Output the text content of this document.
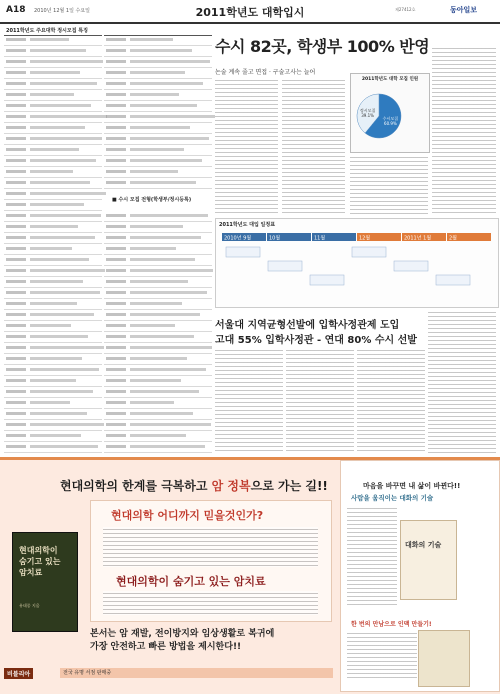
A18 2010년 12월 1일 수요일	2011학년도 대학입시	제27412호	동아일보
2011학년도 주요대학 정시모집 특징
■ 수시 모집 전형(학생부/정시등록)
수시 82곳, 학생부 100% 반영
논술 계속 줄고 면접 · 구술고사는 늘어
2011학년도 대학 모집 인원
수시모집
60.9%
정시모집
39.1%
2011학년도 대입 일정표
2010년 9월	10월	11월	12월	2011년 1월	2월
서울대 지역균형선발에 입학사정관제 도입
고대 55% 입학사정관 - 연대 80% 수시 선발
현대의학의 한계를 극복하고 암 정복으로 가는 길!!
현대의학이
숨기고 있는
암치료
유태종 지음
현대의학 어디까지 믿을것인가?
현대의학이 숨기고 있는 암치료
본서는 암 재발, 전이방지와 임상생활로 복귀에
가장 안전하고 빠른 방법을 제시한다!!
비블리아	전국 유명 서점 판매중
마음을 바꾸면 내 삶이 바뀐다!!
사람을 움직이는 대화의 기술
한 번의 만남으로 인맥 만들기!
대화의 기술
